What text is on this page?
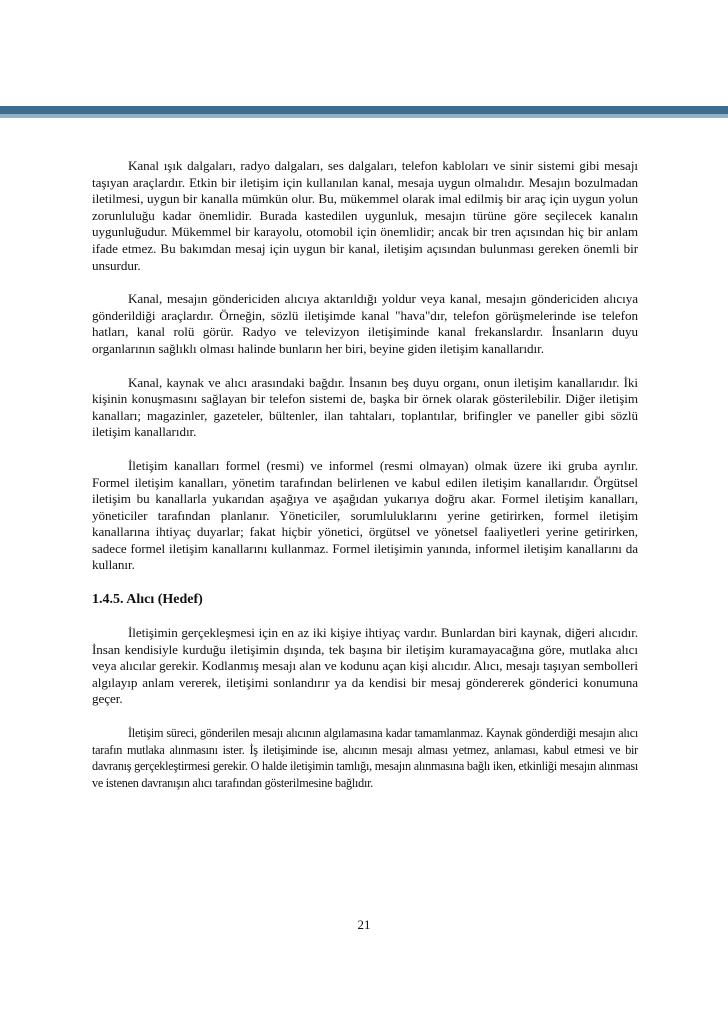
Kanal ışık dalgaları, radyo dalgaları, ses dalgaları, telefon kabloları ve sinir sistemi gibi mesajı taşıyan araçlardır. Etkin bir iletişim için kullanılan kanal, mesaja uygun olmalıdır. Mesajın bozulmadan iletilmesi, uygun bir kanalla mümkün olur. Bu, mükemmel olarak imal edilmiş bir araç için uygun yolun zorunluluğu kadar önemlidir. Burada kastedilen uygunluk, mesajın türüne göre seçilecek kanalın uygunluğudur. Mükemmel bir karayolu, otomobil için önemlidir; ancak bir tren açısından hiç bir anlam ifade etmez. Bu bakımdan mesaj için uygun bir kanal, iletişim açısından bulunması gereken önemli bir unsurdur.

Kanal, mesajın göndericiden alıcıya aktarıldığı yoldur veya kanal, mesajın göndericiden alıcıya gönderildiği araçlardır. Örneğin, sözlü iletişimde kanal "hava"dır, telefon görüşmelerinde ise telefon hatları, kanal rolü görür. Radyo ve televizyon iletişiminde kanal frekanslardır. İnsanların duyu organlarının sağlıklı olması halinde bunların her biri, beyine giden iletişim kanallarıdır.

Kanal, kaynak ve alıcı arasındaki bağdır. İnsanın beş duyu organı, onun iletişim kanallarıdır. İki kişinin konuşmasını sağlayan bir telefon sistemi de, başka bir örnek olarak gösterilebilir. Diğer iletişim kanalları; magazinler, gazeteler, bültenler, ilan tahtaları, toplantılar, brifingler ve paneller gibi sözlü iletişim kanallarıdır.

İletişim kanalları formel (resmi) ve informel (resmi olmayan) olmak üzere iki gruba ayrılır. Formel iletişim kanalları, yönetim tarafından belirlenen ve kabul edilen iletişim kanallarıdır. Örgütsel iletişim bu kanallarla yukarıdan aşağıya ve aşağıdan yukarıya doğru akar. Formel iletişim kanalları, yöneticiler tarafından planlanır. Yöneticiler, sorumluluklarını yerine getirirken, formel iletişim kanallarına ihtiyaç duyarlar; fakat hiçbir yönetici, örgütsel ve yönetsel faaliyetleri yerine getirirken, sadece formel iletişim kanallarını kullanmaz. Formel iletişimin yanında, informel iletişim kanallarını da kullanır.

1.4.5. Alıcı (Hedef)

İletişimin gerçekleşmesi için en az iki kişiye ihtiyaç vardır. Bunlardan biri kaynak, diğeri alıcıdır. İnsan kendisiyle kurduğu iletişimin dışında, tek başına bir iletişim kuramayacağına göre, mutlaka alıcı veya alıcılar gerekir. Kodlanmış mesajı alan ve kodunu açan kişi alıcıdır. Alıcı, mesajı taşıyan sembolleri algılayıp anlam vererek, iletişimi sonlandırır ya da kendisi bir mesaj göndererek gönderici konumuna geçer.

İletişim süreci, gönderilen mesajı alıcının algılamasına kadar tamamlanmaz. Kaynak gönderdiği mesajın alıcı tarafın mutlaka alınmasını ister. İş iletişiminde ise, alıcının mesajı alması yetmez, anlaması, kabul etmesi ve bir davranış gerçekleştirmesi gerekir. O halde iletişimin tamlığı, mesajın alınmasına bağlı iken, etkinliği mesajın alınması ve istenen davranışın alıcı tarafından gösterilmesine bağlıdır.

21
